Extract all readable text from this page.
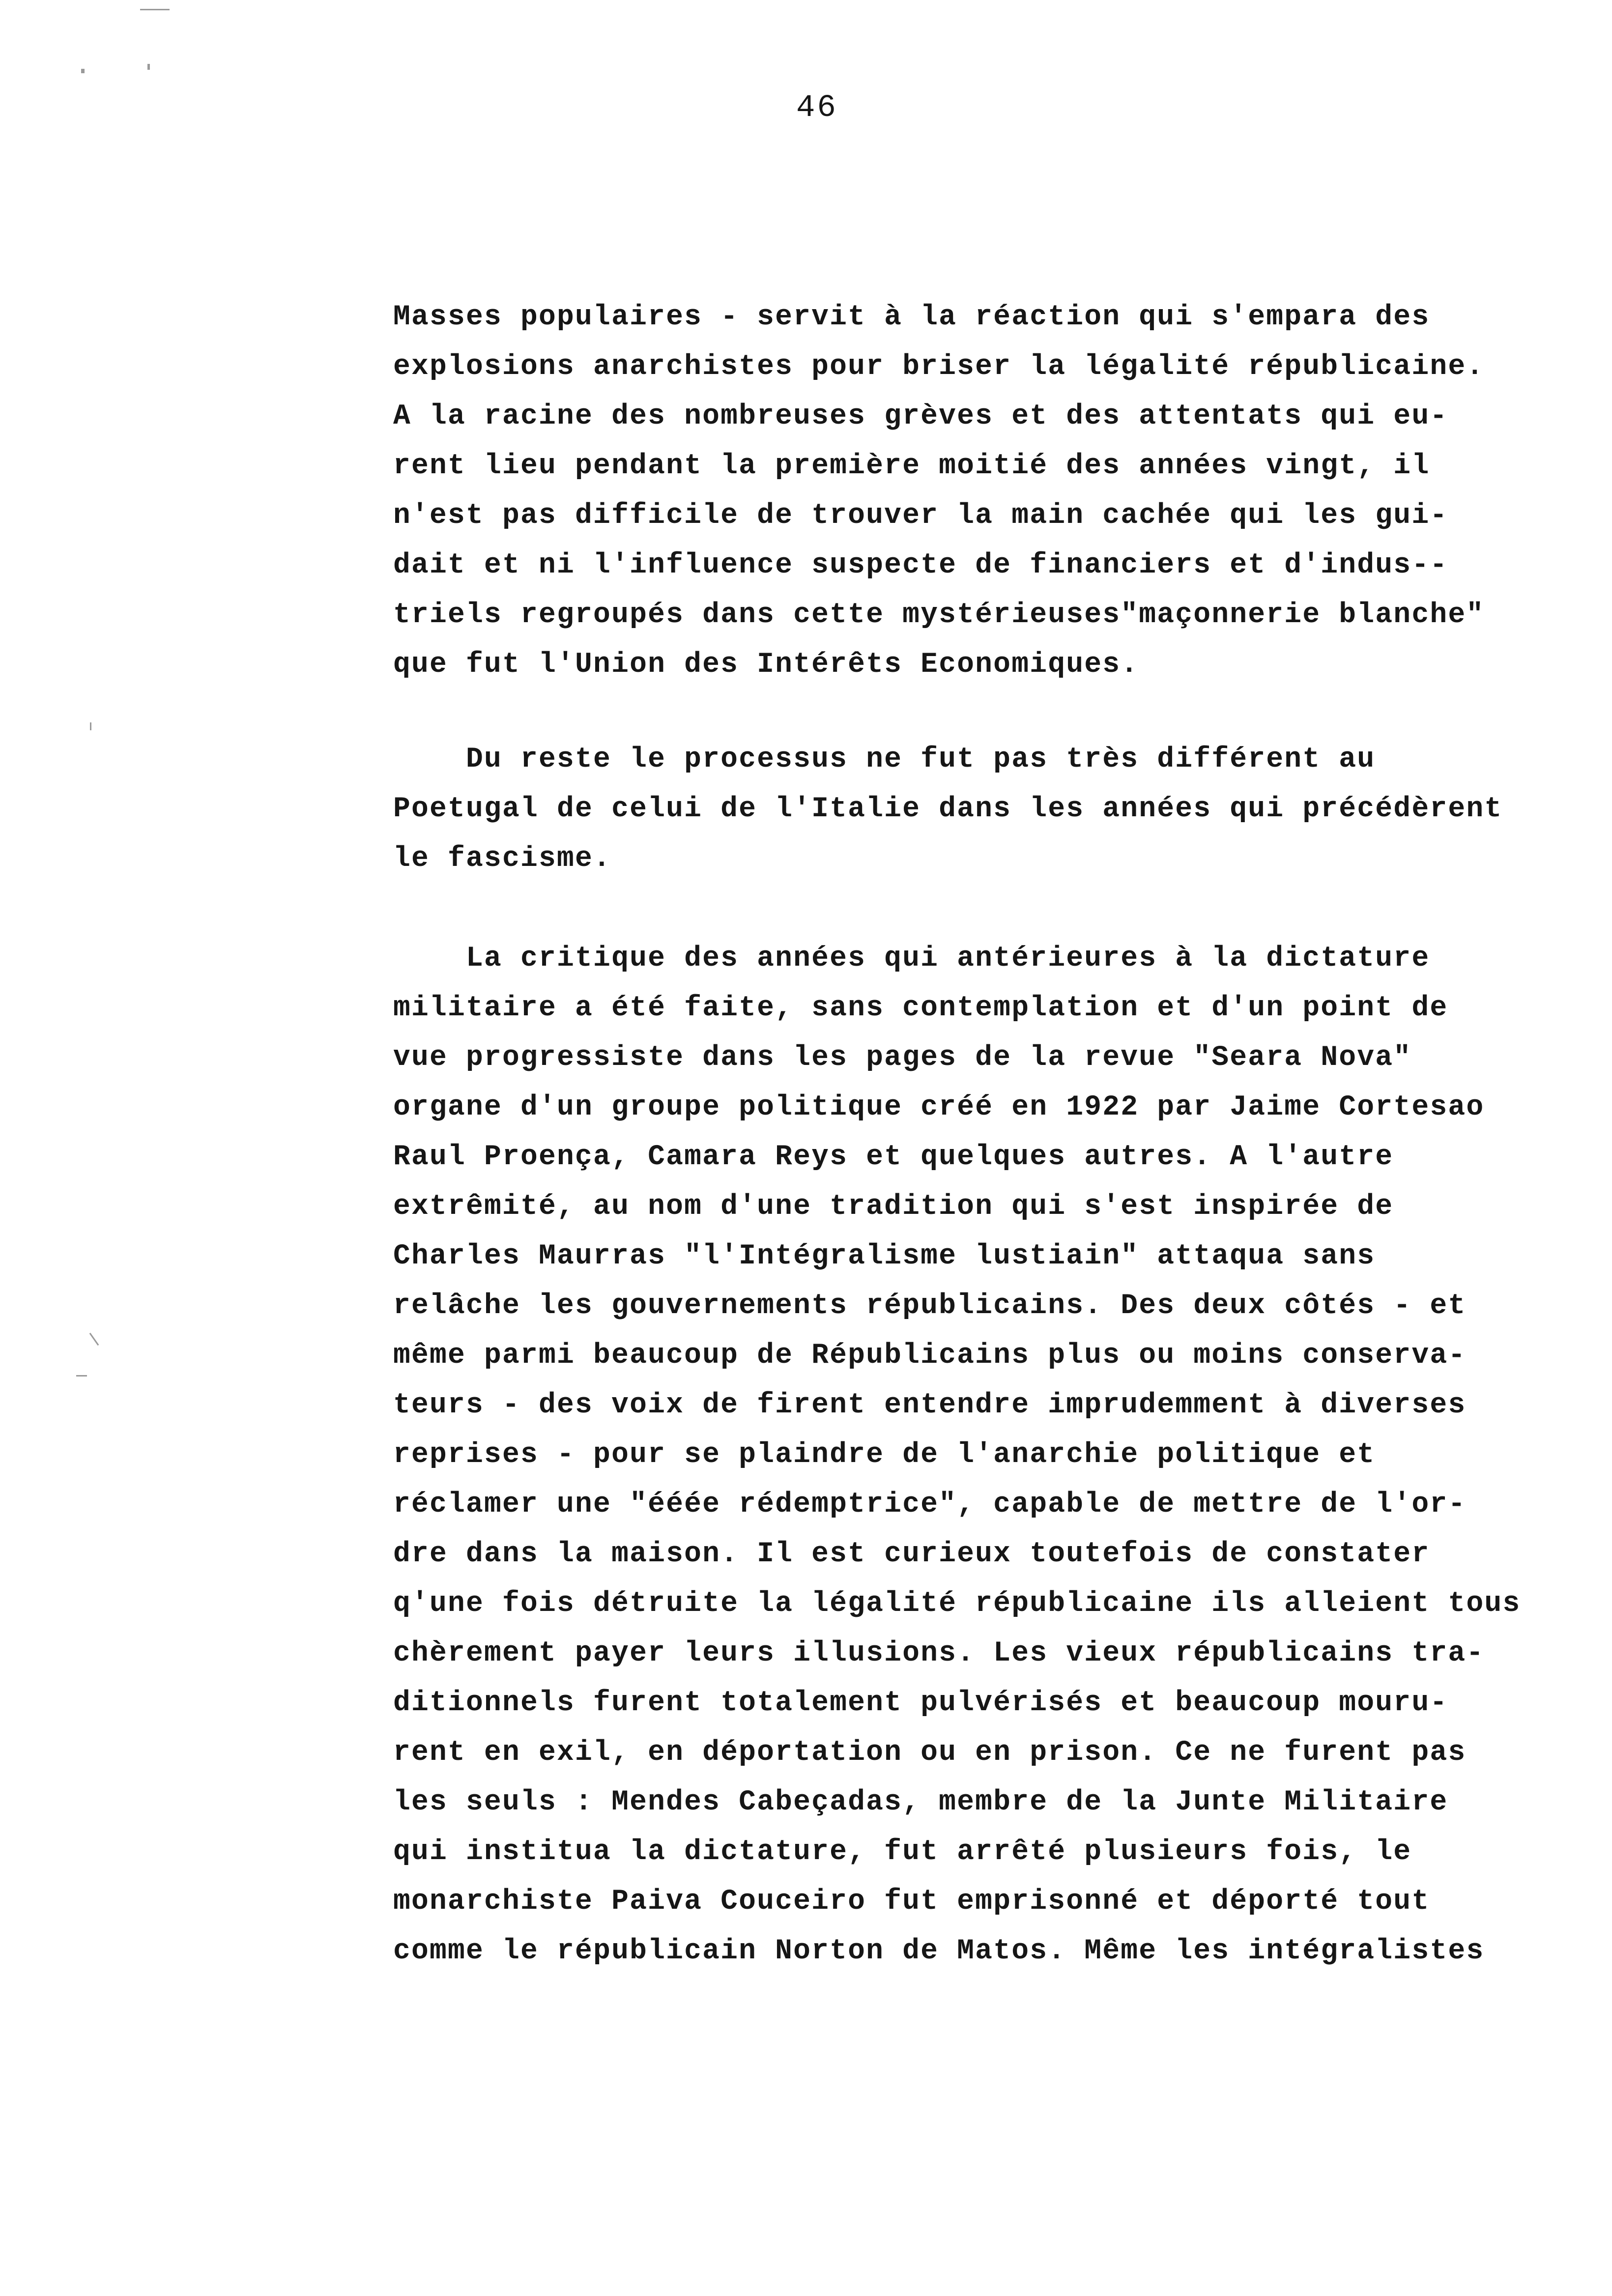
46

Masses populaires - servit à la réaction qui s'empara des
explosions anarchistes pour briser la légalité républicaine.
A la racine des nombreuses grèves et des attentats qui eu-
rent lieu pendant la première moitié des années vingt, il
n'est pas difficile de trouver la main cachée qui les gui-
dait et ni l'influence suspecte de financiers et d'indus--
triels regroupés dans cette mystérieuses"maçonnerie blanche"
que fut l'Union des Intérêts Economiques.

Du reste le processus ne fut pas très différent au
Poetugal de celui de l'Italie dans les années qui précédèrent
le fascisme.

La critique des années qui antérieures à la dictature
militaire a été faite, sans contemplation et d'un point de
vue progressiste dans les pages de la revue "Seara Nova"
organe d'un groupe politique créé en 1922 par Jaime Cortesao
Raul Proença, Camara Reys et quelques autres. A l'autre
extrêmité, au nom d'une tradition qui s'est inspirée de
Charles Maurras "l'Intégralisme lustiain" attaqua sans
relâche les gouvernements républicains. Des deux côtés - et
même parmi beaucoup de Républicains plus ou moins conserva-
teurs - des voix de firent entendre imprudemment à diverses
reprises - pour se plaindre de l'anarchie politique et
réclamer une "ééée rédemptrice", capable de mettre de l'or-
dre dans la maison. Il est curieux toutefois de constater
q'une fois détruite la légalité républicaine ils alleient tous
chèrement payer leurs illusions. Les vieux républicains tra-
ditionnels furent totalement pulvérisés et beaucoup mouru-
rent en exil, en déportation ou en prison. Ce ne furent pas
les seuls : Mendes Cabeçadas, membre de la Junte Militaire
qui institua la dictature, fut arrêté plusieurs fois, le
monarchiste Paiva Couceiro fut emprisonné et déporté tout
comme le républicain Norton de Matos. Même les intégralistes
